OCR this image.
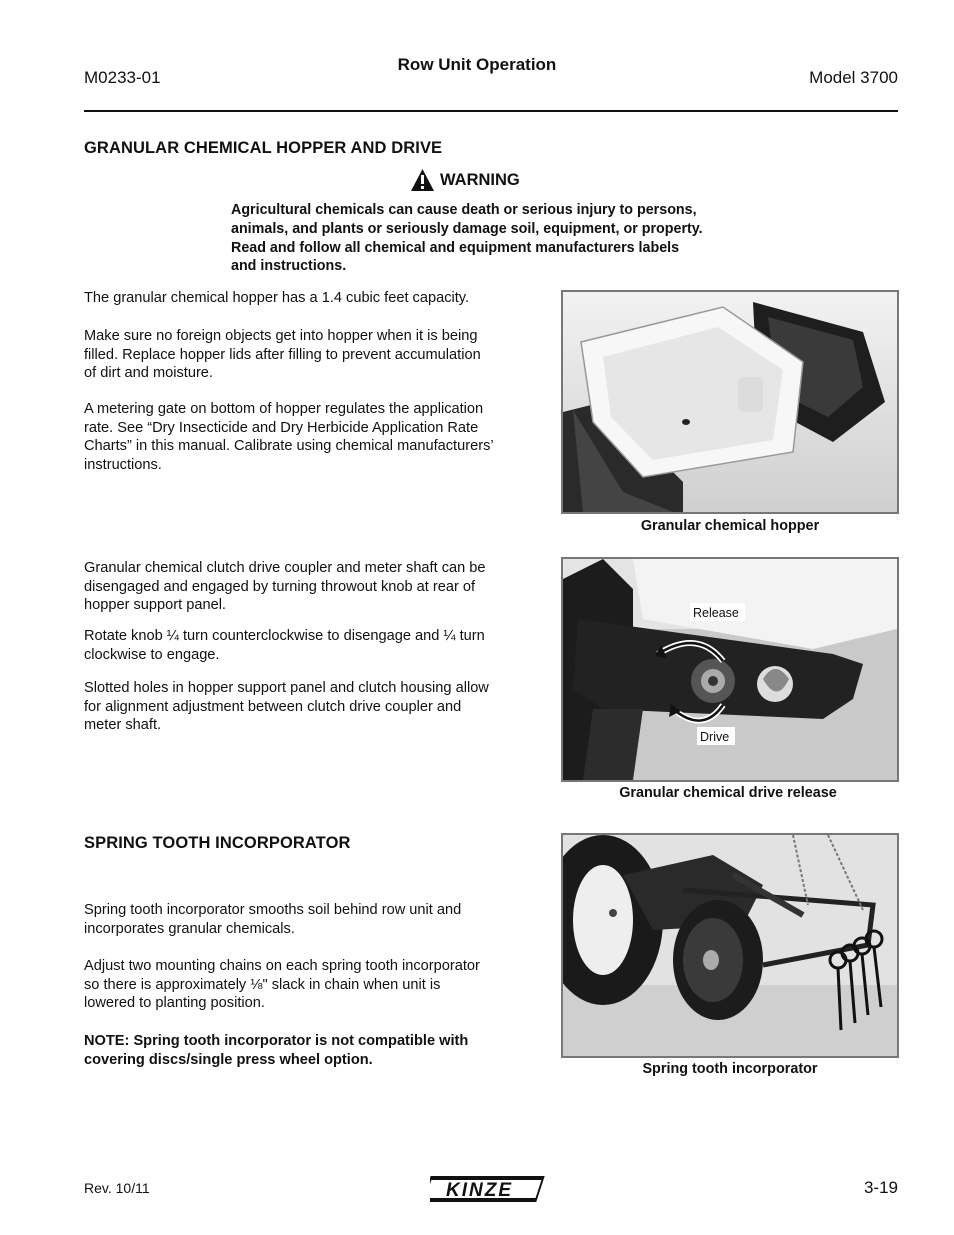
Row Unit Operation
M0233-01	Model 3700
GRANULAR CHEMICAL HOPPER AND DRIVE
WARNING
Agricultural chemicals can cause death or serious injury to persons,
animals, and plants or seriously damage soil, equipment, or property.
Read and follow all chemical and equipment manufacturers labels
and instructions.
The granular chemical hopper has a 1.4 cubic feet capacity.
Make sure no foreign objects get into hopper when it is being
filled. Replace hopper lids after filling to prevent accumulation
of dirt and moisture.
A metering gate on bottom of hopper regulates the application
rate. See “Dry Insecticide and Dry Herbicide Application Rate
Charts” in this manual. Calibrate using chemical manufacturers’
instructions.
Granular chemical hopper
Granular chemical clutch drive coupler and meter shaft can be
disengaged and engaged by turning throwout knob at rear of
hopper support panel.
Rotate knob ¼ turn counterclockwise to disengage and ¼ turn
clockwise to engage.
Slotted holes in hopper support panel and clutch housing allow
for alignment adjustment between clutch drive coupler and
meter shaft.
Release
Drive
Granular chemical drive release
SPRING TOOTH INCORPORATOR
Spring tooth incorporator smooths soil behind row unit and
incorporates granular chemicals.
Adjust two mounting chains on each spring tooth incorporator
so there is approximately ⅛" slack in chain when unit is
lowered to planting position.
NOTE: Spring tooth incorporator is not compatible with
covering discs/single press wheel option.
Spring tooth incorporator
Rev. 10/11	KINZE	3-19
